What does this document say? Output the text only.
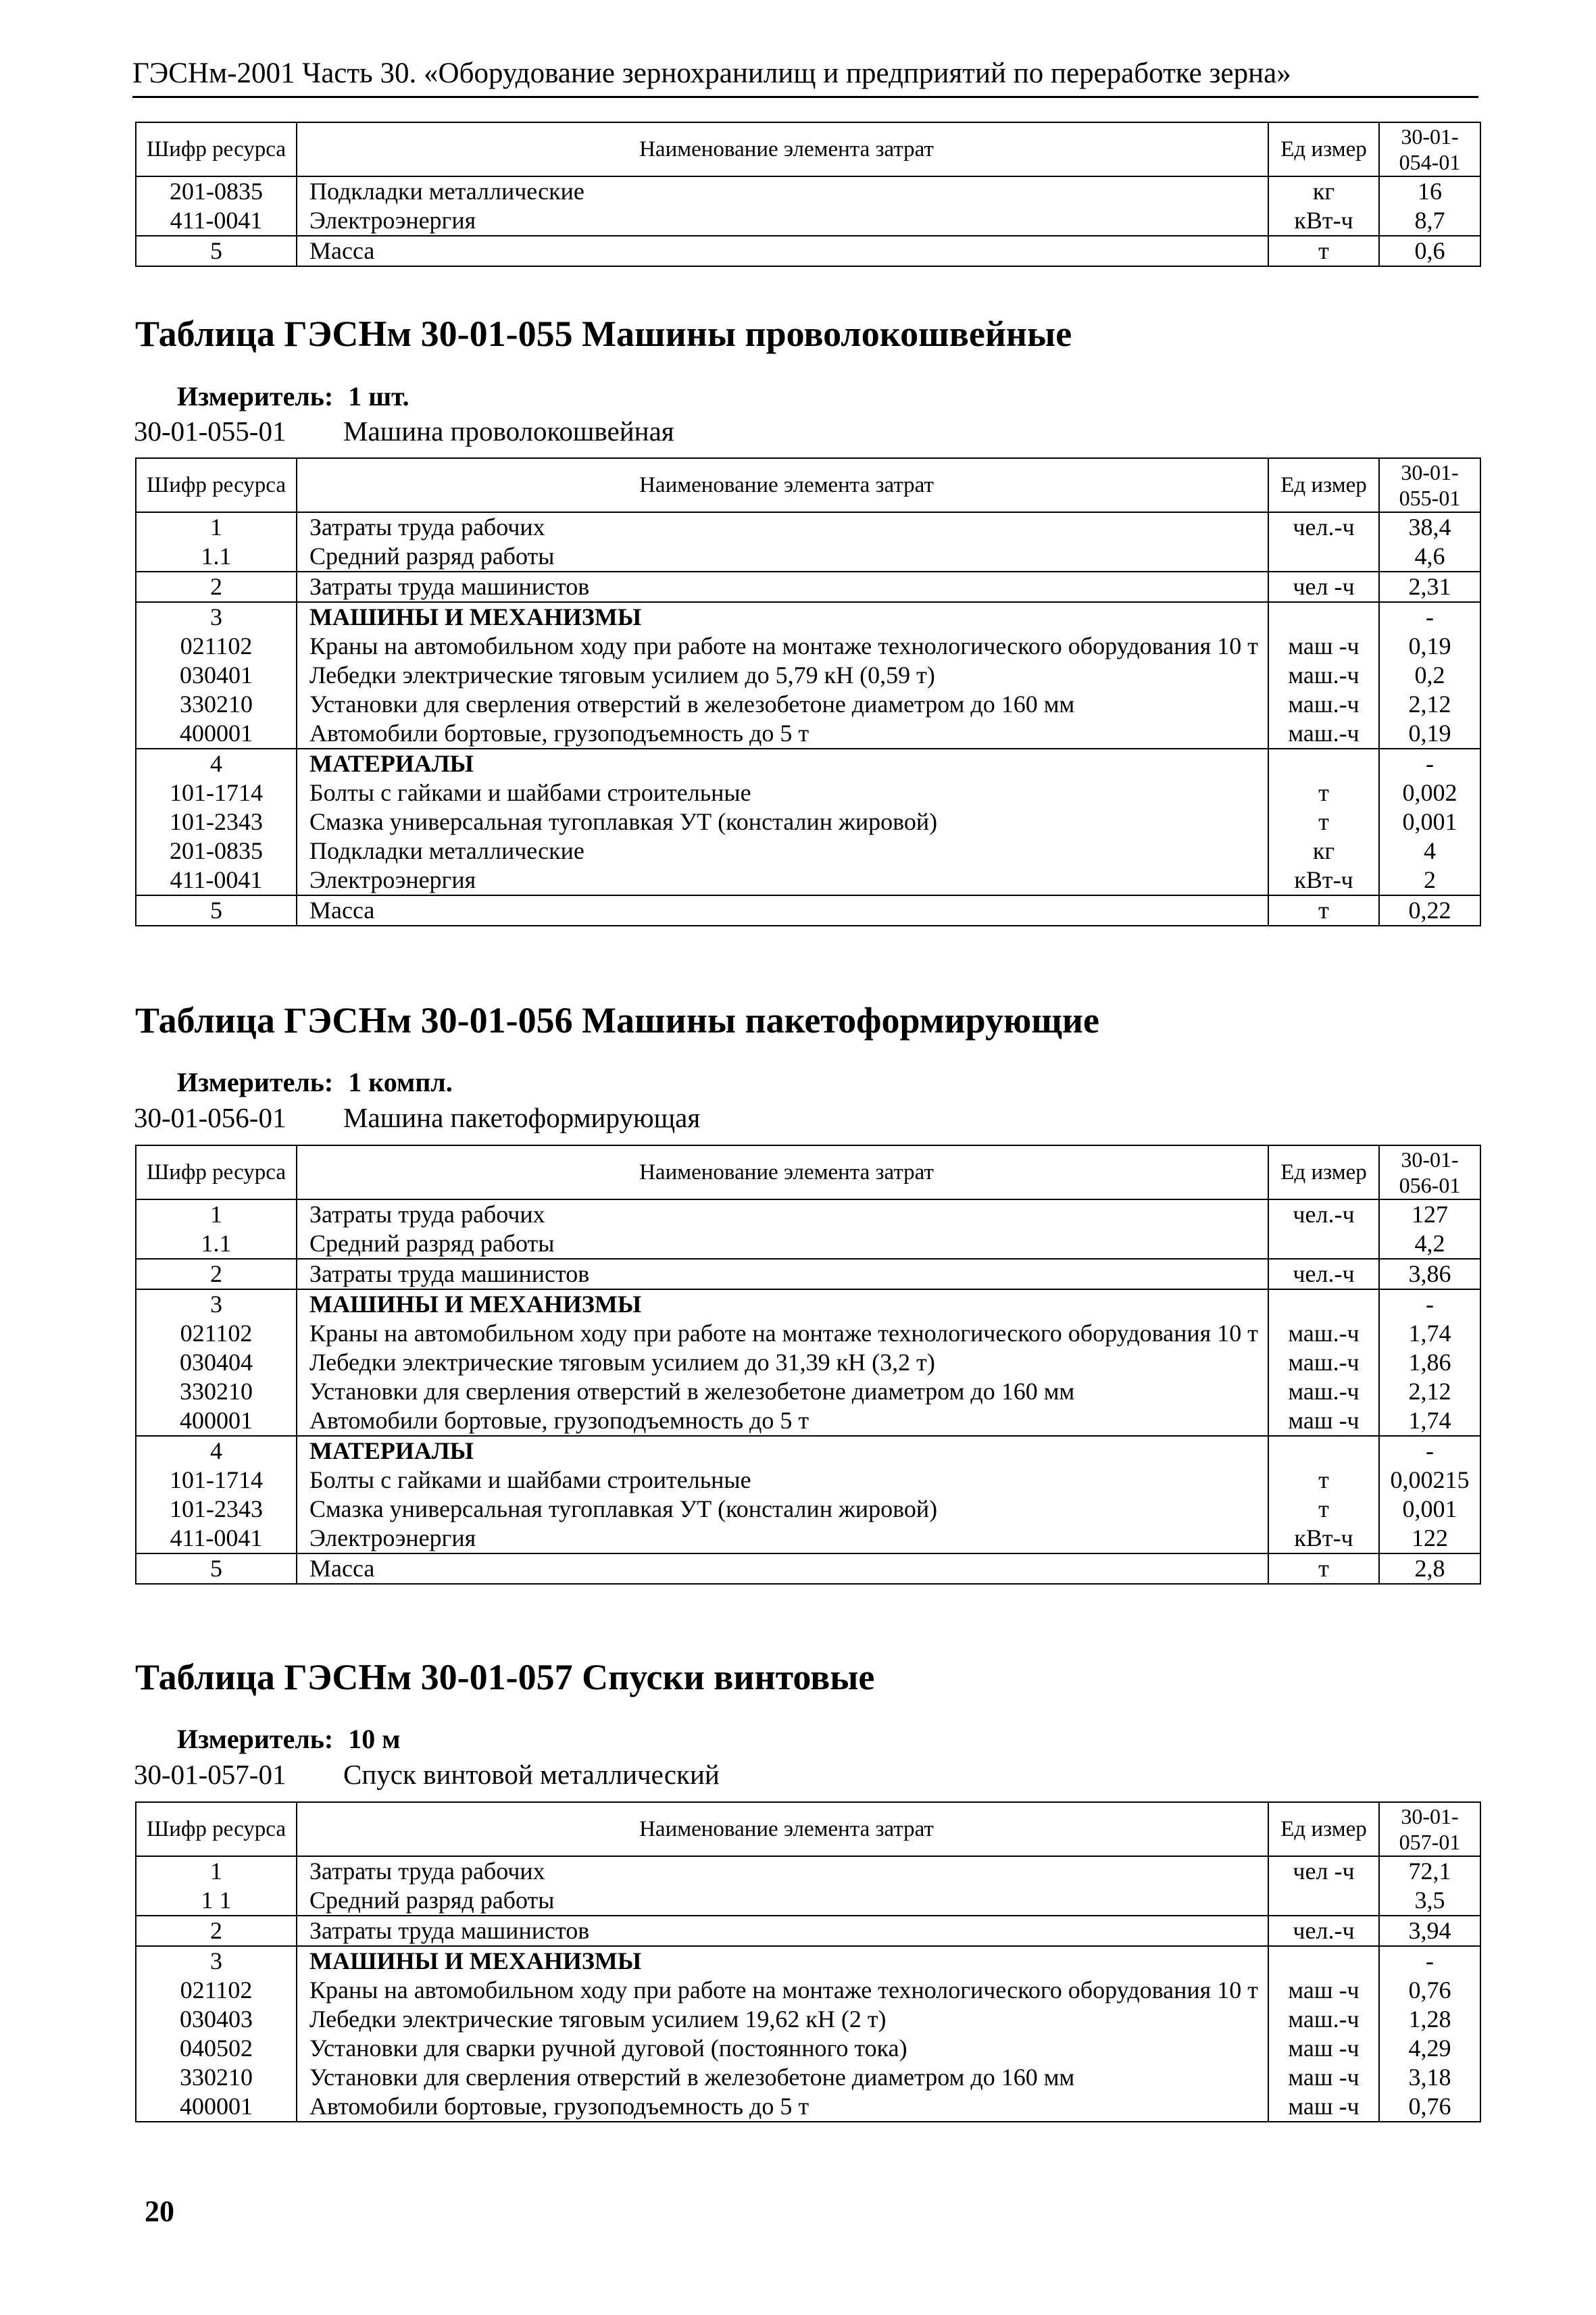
ГЭСНм-2001 Часть 30. «Оборудование зернохранилищ и предприятий по переработке зерна»
Шифр ресурса	Наименование элемента затрат	Ед измер	30-01-054-01
201-0835	Подкладки металлические	кг	16
411-0041	Электроэнергия	кВт-ч	8,7
5	Масса	т	0,6
Таблица ГЭСНм 30-01-055 Машины проволокошвейные
Измеритель: 1 шт.
30-01-055-01 Машина проволокошвейная
Шифр ресурса	Наименование элемента затрат	Ед измер	30-01-055-01
1	Затраты труда рабочих	чел.-ч	38,4
1.1	Средний разряд работы		4,6
2	Затраты труда машинистов	чел -ч	2,31
3	МАШИНЫ И МЕХАНИЗМЫ		-
021102	Краны на автомобильном ходу при работе на монтаже технологического оборудования 10 т	маш -ч	0,19
030401	Лебедки электрические тяговым усилием до 5,79 кН (0,59 т)	маш.-ч	0,2
330210	Установки для сверления отверстий в железобетоне диаметром до 160 мм	маш.-ч	2,12
400001	Автомобили бортовые, грузоподъемность до 5 т	маш.-ч	0,19
4	МАТЕРИАЛЫ		-
101-1714	Болты с гайками и шайбами строительные	т	0,002
101-2343	Смазка универсальная тугоплавкая УТ (консталин жировой)	т	0,001
201-0835	Подкладки металлические	кг	4
411-0041	Электроэнергия	кВт-ч	2
5	Масса	т	0,22
Таблица ГЭСНм 30-01-056 Машины пакетоформирующие
Измеритель: 1 компл.
30-01-056-01 Машина пакетоформирующая
Шифр ресурса	Наименование элемента затрат	Ед измер	30-01-056-01
1	Затраты труда рабочих	чел.-ч	127
1.1	Средний разряд работы		4,2
2	Затраты труда машинистов	чел.-ч	3,86
3	МАШИНЫ И МЕХАНИЗМЫ		-
021102	Краны на автомобильном ходу при работе на монтаже технологического оборудования 10 т	маш.-ч	1,74
030404	Лебедки электрические тяговым усилием до 31,39 кН (3,2 т)	маш.-ч	1,86
330210	Установки для сверления отверстий в железобетоне диаметром до 160 мм	маш.-ч	2,12
400001	Автомобили бортовые, грузоподъемность до 5 т	маш -ч	1,74
4	МАТЕРИАЛЫ		-
101-1714	Болты с гайками и шайбами строительные	т	0,00215
101-2343	Смазка универсальная тугоплавкая УТ (консталин жировой)	т	0,001
411-0041	Электроэнергия	кВт-ч	122
5	Масса	т	2,8
Таблица ГЭСНм 30-01-057 Спуски винтовые
Измеритель: 10 м
30-01-057-01 Спуск винтовой металлический
Шифр ресурса	Наименование элемента затрат	Ед измер	30-01-057-01
1	Затраты труда рабочих	чел -ч	72,1
1 1	Средний разряд работы		3,5
2	Затраты труда машинистов	чел.-ч	3,94
3	МАШИНЫ И МЕХАНИЗМЫ		-
021102	Краны на автомобильном ходу при работе на монтаже технологического оборудования 10 т	маш -ч	0,76
030403	Лебедки электрические тяговым усилием 19,62 кН (2 т)	маш.-ч	1,28
040502	Установки для сварки ручной дуговой (постоянного тока)	маш -ч	4,29
330210	Установки для сверления отверстий в железобетоне диаметром до 160 мм	маш -ч	3,18
400001	Автомобили бортовые, грузоподъемность до 5 т	маш -ч	0,76
20
